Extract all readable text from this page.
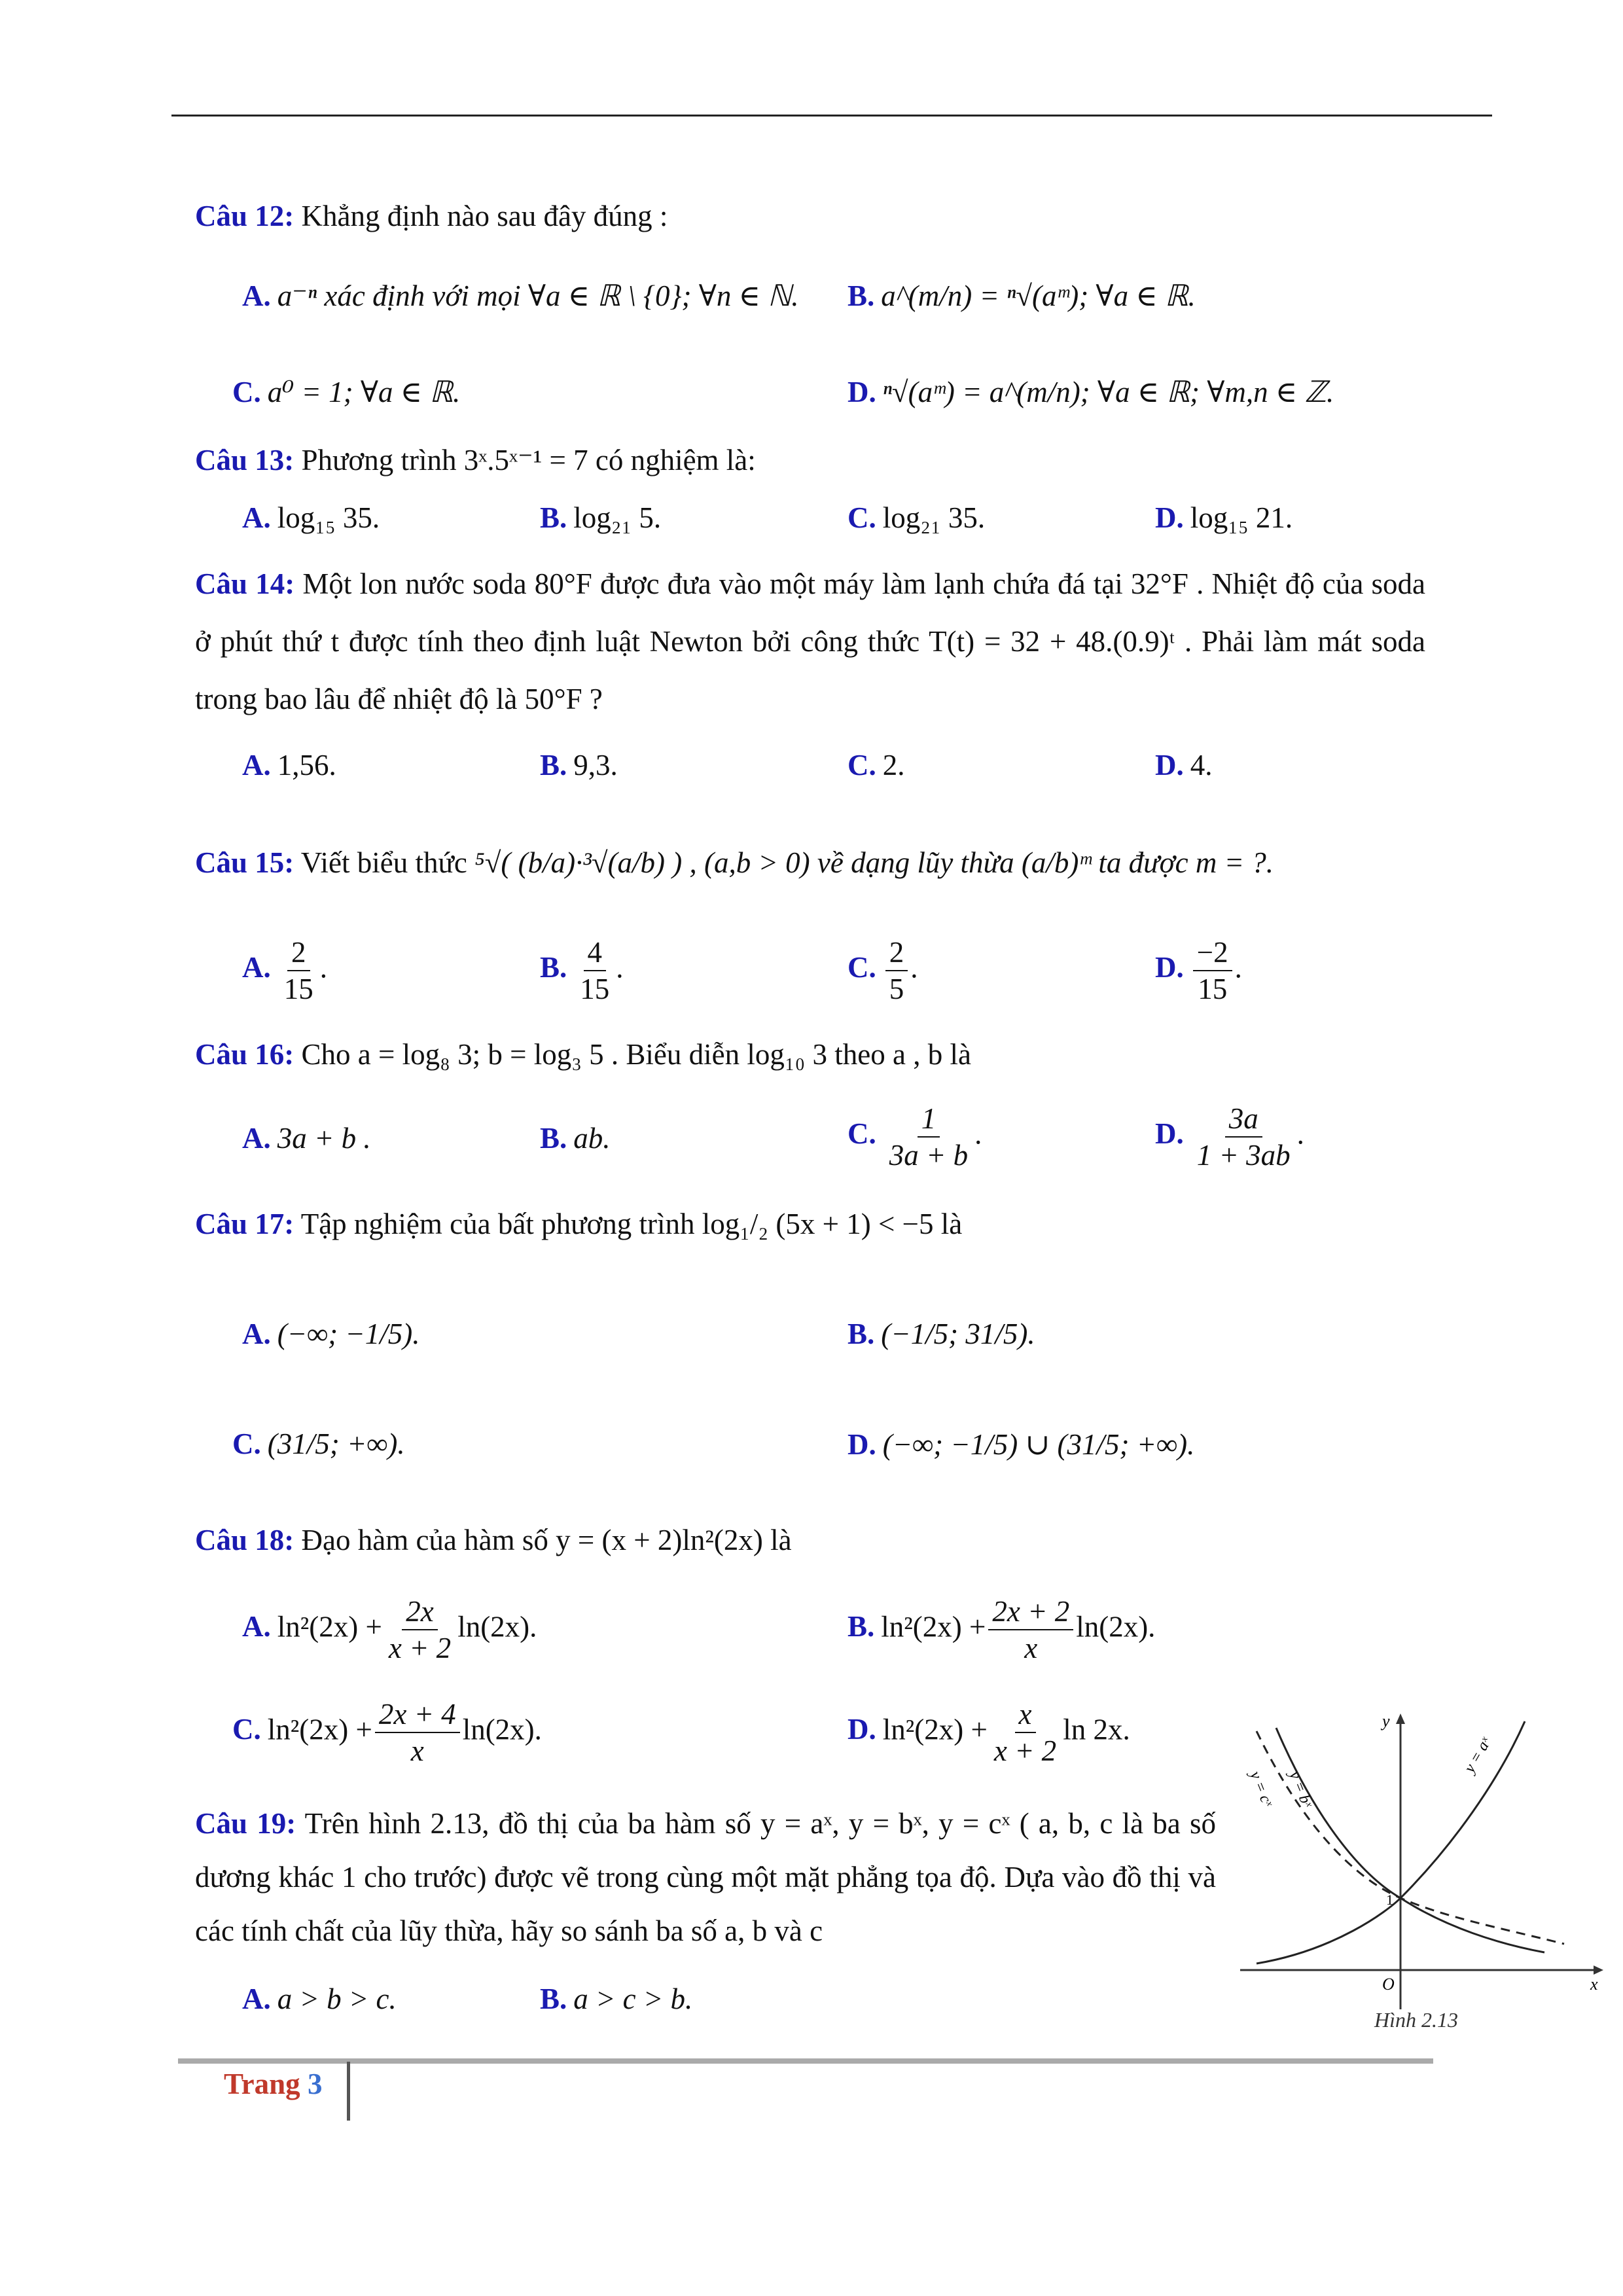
Câu 12: Khẳng định nào sau đây đúng :
A. a⁻ⁿ xác định với mọi ∀a ∈ ℝ \ {0}; ∀n ∈ ℕ. B. a^(m/n) = ⁿ√(aᵐ); ∀a ∈ ℝ.
C. a⁰ = 1; ∀a ∈ ℝ.	D. ⁿ√(aᵐ) = a^(m/n); ∀a ∈ ℝ; ∀m,n ∈ ℤ.
Câu 13: Phương trình 3ˣ.5ˣ⁻¹ = 7 có nghiệm là:
A. log₁₅ 35.	B. log₂₁ 5.	C. log₂₁ 35.	D. log₁₅ 21.
Câu 14: Một lon nước soda 80°F được đưa vào một máy làm lạnh chứa đá tại 32°F . Nhiệt độ của soda ở phút thứ t được tính theo định luật Newton bởi công thức T(t) = 32 + 48.(0.9)ᵗ . Phải làm mát soda trong bao lâu để nhiệt độ là 50°F ?
A. 1,56.	B. 9,3.	C. 2.	D. 4.
Câu 15: Viết biểu thức ⁵√( (b/a)·³√(a/b) ) , (a,b > 0) về dạng lũy thừa (a/b)ᵐ ta được m = ?.
A. $\frac{2}{15}$ .	B. $\frac{4}{15}$ .	C. $\frac{2}{5}$ .	D. $\frac{-2}{15}$ .
Câu 16: Cho a = log₈ 3; b = log₃ 5 . Biểu diễn log₁₀ 3 theo a , b là
A. 3a + b .	B. ab.	C. $\frac{1}{3a + b}$ .	D. $\frac{3a}{1 + 3ab}$ .
Câu 17: Tập nghiệm của bất phương trình log₁/₂ (5x + 1) < −5 là
A. (−∞; −1/5).	B. (−1/5; 31/5).
C. (31/5; +∞).	D. (−∞; −1/5) ∪ (31/5; +∞).
Câu 18: Đạo hàm của hàm số y = (x + 2)ln²(2x) là
A. $\ln^2(2x) + \frac{2x}{x + 2} \ln(2x)$.	B. $\ln^2(2x) + \frac{2x + 2}{x} \ln(2x)$.
C. $\ln^2(2x) + \frac{2x + 4}{x} \ln(2x)$.	D. $\ln^2(2x) + \frac{x}{x + 2}$ ln 2x.
Câu 19: Trên hình 2.13, đồ thị của ba hàm số y = aˣ, y = bˣ, y = cˣ ( a, b, c là ba số dương khác 1 cho trước) được vẽ trong cùng một mặt phẳng tọa độ. Dựa vào đồ thị và các tính chất của lũy thừa, hãy so sánh ba số a, b và c
A. a > b > c.	B. a > c > b.
y
x
O
1
y = bˣ
y = cˣ
y = aˣ
Hình 2.13
Trang 3
